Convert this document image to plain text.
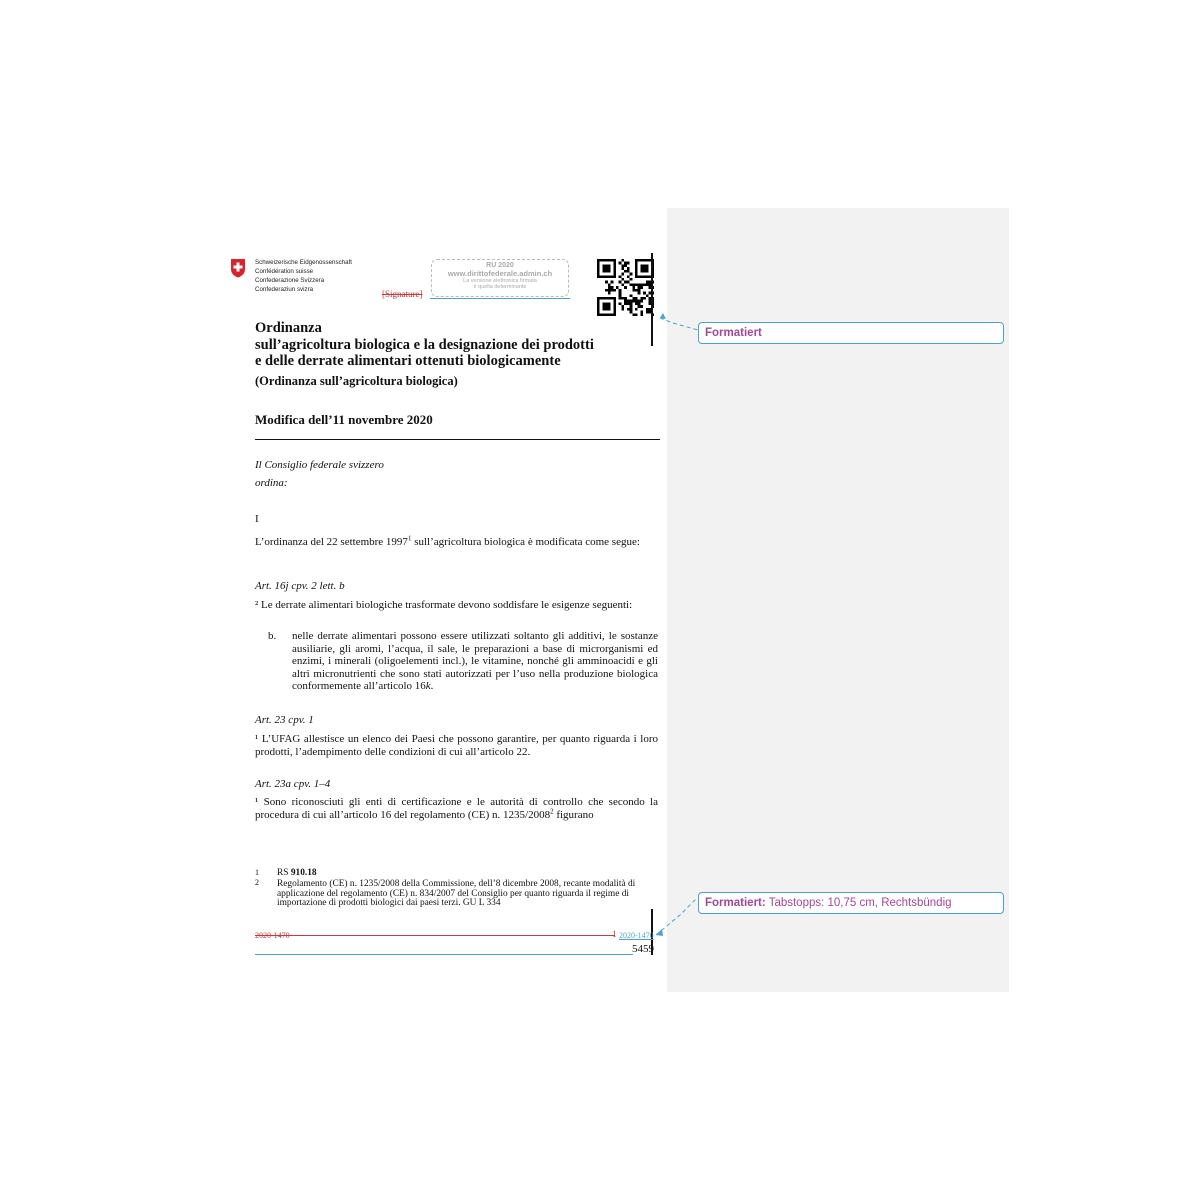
Schweizerische Eidgenossenschaft
Confédération suisse
Confederazione Svizzera
Confederaziun svizra
RU 2020
www.dirittofederale.admin.ch
La versione elettronica firmata
è quella determinante
[Signature]
Ordinanza
sull’agricoltura biologica e la designazione dei prodotti
e delle derrate alimentari ottenuti biologicamente
(Ordinanza sull’agricoltura biologica)
Modifica dell’11 novembre 2020
Il Consiglio federale svizzero
ordina:
I
L’ordinanza del 22 settembre 1997$^1$ sull’agricoltura biologica è modificata come segue:
Art. 16j cpv. 2 lett. b
² Le derrate alimentari biologiche trasformate devono soddisfare le esigenze seguenti:
b. nelle derrate alimentari possono essere utilizzati soltanto gli additivi, le sostanze ausiliarie, gli aromi, l’acqua, il sale, le preparazioni a base di microrganismi ed enzimi, i minerali (oligoelementi incl.), le vitamine, nonché gli amminoacidi e gli altri micronutrienti che sono stati autorizzati per l’uso nella produzione biologica conformemente all’articolo 16k.
Art. 23 cpv. 1
¹ L’UFAG allestisce un elenco dei Paesi che possono garantire, per quanto riguarda i loro prodotti, l’adempimento delle condizioni di cui all’articolo 22.
Art. 23a cpv. 1–4
¹ Sono riconosciuti gli enti di certificazione e le autorità di controllo che secondo la procedura di cui all’articolo 16 del regolamento (CE) n. 1235/2008$^2$ figurano
1 RS 910.18
2 Regolamento (CE) n. 1235/2008 della Commissione, dell’8 dicembre 2008, recante modalità di applicazione del regolamento (CE) n. 834/2007 del Consiglio per quanto riguarda il regime di importazione di prodotti biologici dai paesi terzi. GU L 334
2020-1470	1 2020-1470
5459
Formatiert
Formatiert: Tabstopps: 10,75 cm, Rechtsbündig
